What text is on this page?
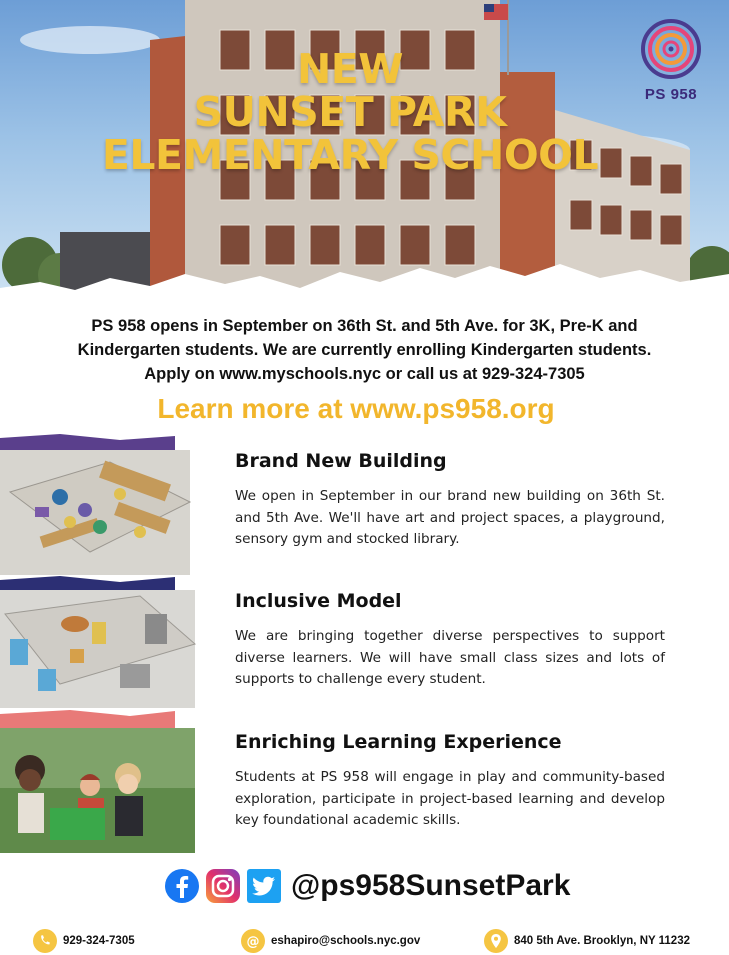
NEW
SUNSET PARK
ELEMENTARY SCHOOL
PS 958
PS 958 opens in September on 36th St. and 5th Ave. for 3K, Pre-K and
Kindergarten students. We are currently enrolling Kindergarten students.
Apply on www.myschools.nyc or call us at 929-324-7305
Learn more at www.ps958.org
Brand New Building

We open in September in our brand new building on 36th St. and 5th Ave. We'll have art and project spaces, a playground, sensory gym and stocked library.

Inclusive Model

We are bringing together diverse perspectives to support diverse learners. We will have small class sizes and lots of supports to challenge every student.

Enriching Learning Experience

Students at PS 958 will engage in play and community-based exploration, participate in project-based learning and develop key foundational academic skills.

@ps958SunsetPark
929-324-7305	@ eshapiro@schools.nyc.gov	840 5th Ave. Brooklyn, NY 11232
